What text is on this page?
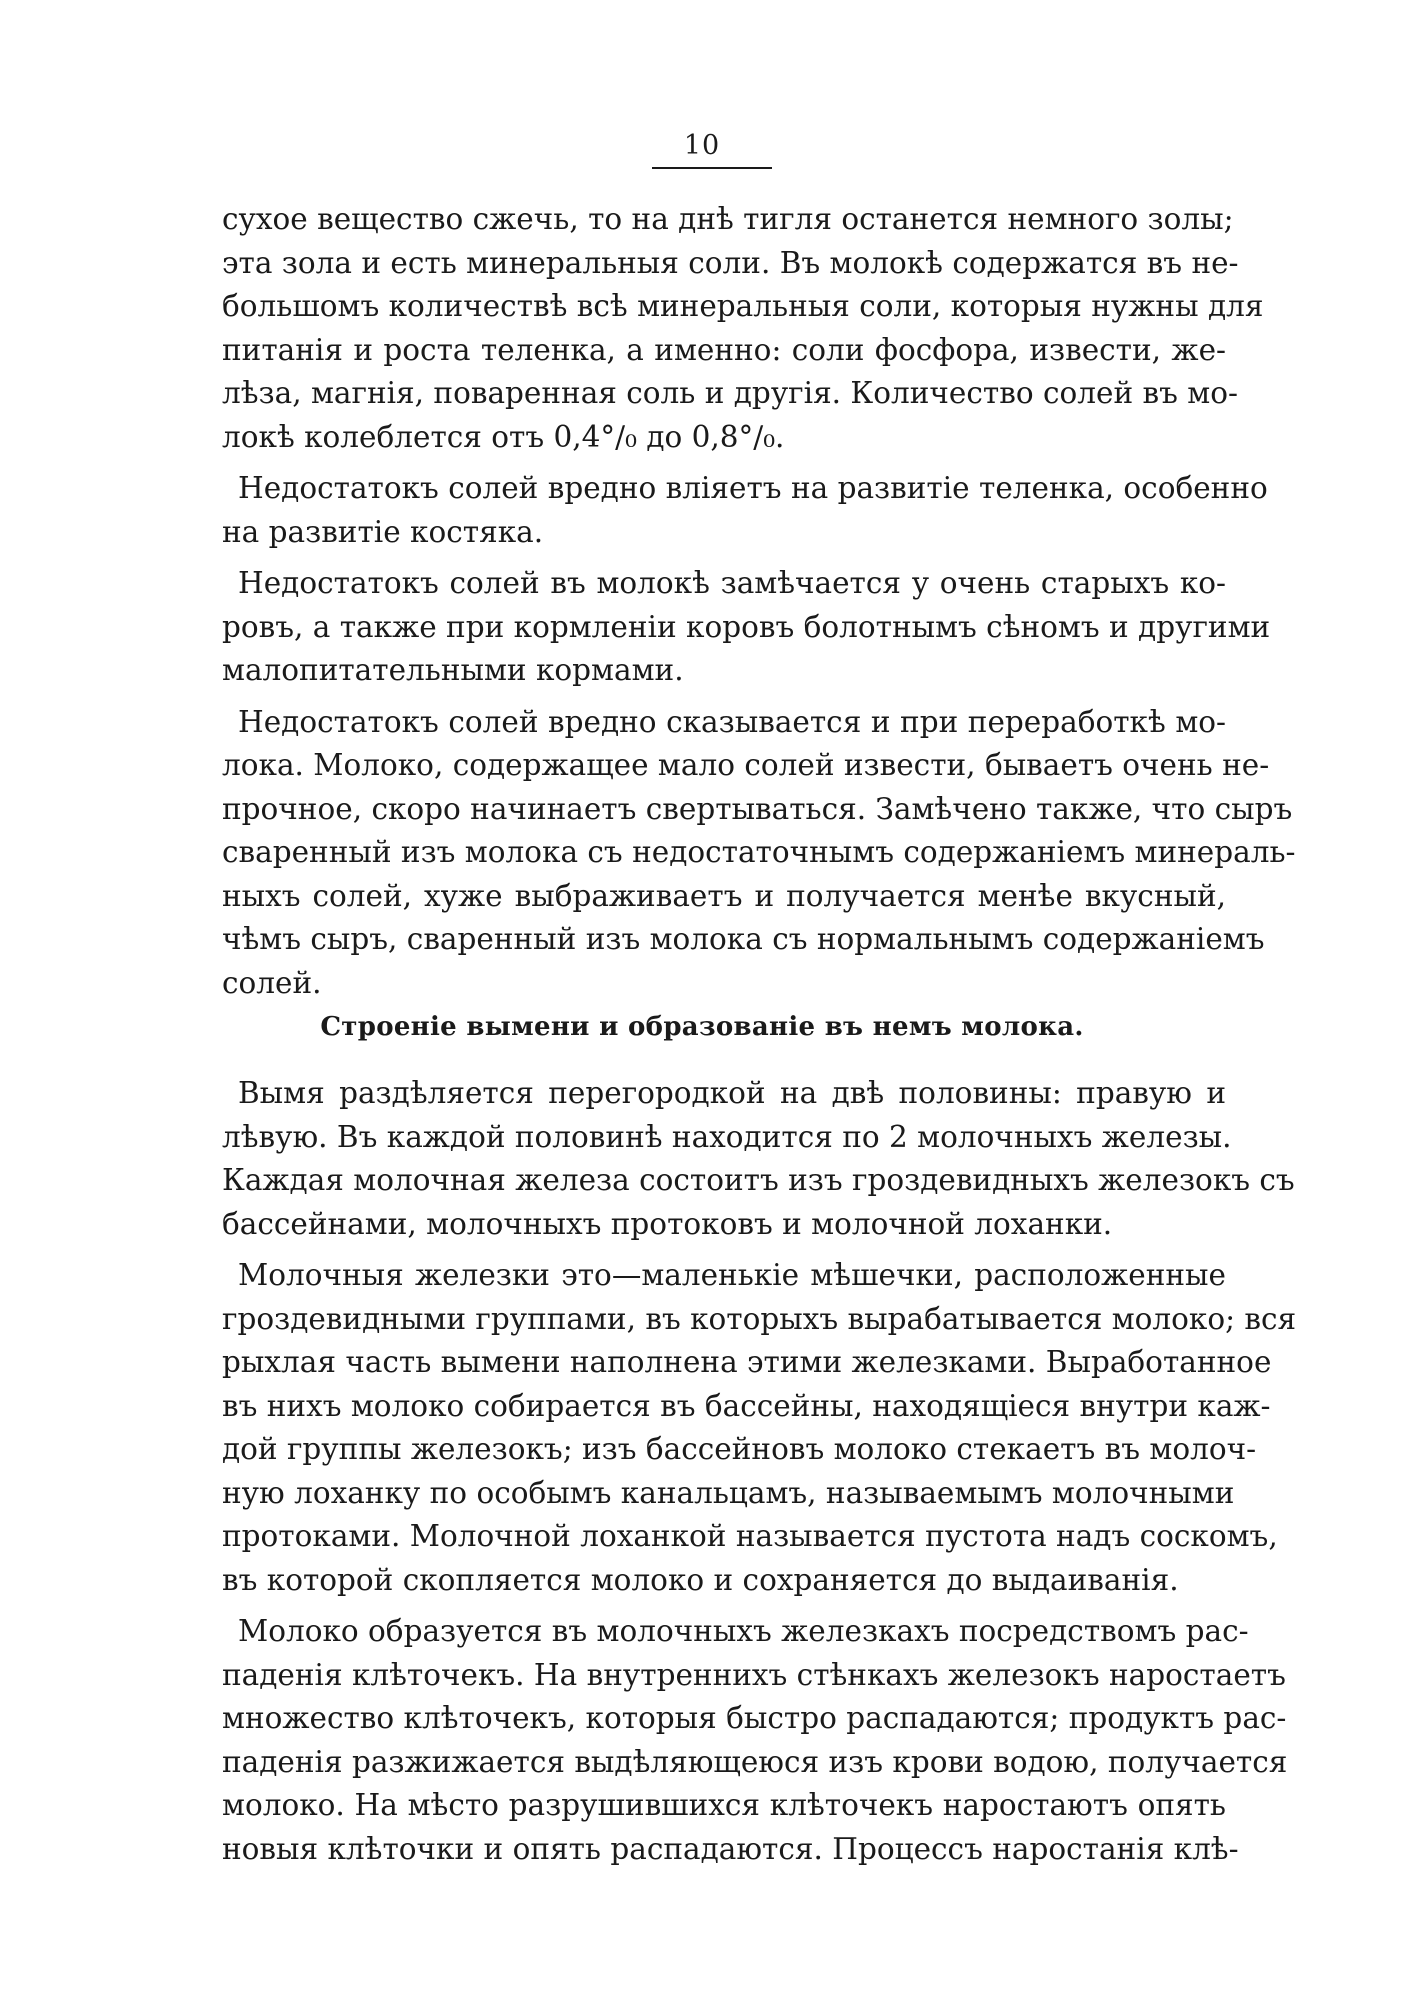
10
сухое вещество сжечь, то на днѣ тигля останется немного золы;
эта зола и есть минеральныя соли. Въ молокѣ содержатся въ не-
большомъ количествѣ всѣ минеральныя соли, которыя нужны для
питанія и роста теленка, а именно: соли фосфора, извести, же-
лѣза, магнія, поваренная соль и другія. Количество солей въ мо-
локѣ колеблется отъ 0,4°/₀ до 0,8°/₀.
Недостатокъ солей вредно вліяетъ на развитіе теленка, особенно
на развитіе костяка.
Недостатокъ солей въ молокѣ замѣчается у очень старыхъ ко-
ровъ, а также при кормленіи коровъ болотнымъ сѣномъ и другими
малопитательными кормами.
Недостатокъ солей вредно сказывается и при переработкѣ мо-
лока. Молоко, содержащее мало солей извести, бываетъ очень не-
прочное, скоро начинаетъ свертываться. Замѣчено также, что сыръ
сваренный изъ молока съ недостаточнымъ содержаніемъ минераль-
ныхъ солей, хуже выбраживаетъ и получается менѣе вкусный,
чѣмъ сыръ, сваренный изъ молока съ нормальнымъ содержаніемъ
солей.
Строеніе вымени и образованіе въ немъ молока.
Вымя раздѣляется перегородкой на двѣ половины: правую и
лѣвую. Въ каждой половинѣ находится по 2 молочныхъ железы.
Каждая молочная железа состоитъ изъ гроздевидныхъ железокъ съ
бассейнами, молочныхъ протоковъ и молочной лоханки.
Молочныя железки это—маленькіе мѣшечки, расположенные
гроздевидными группами, въ которыхъ вырабатывается молоко; вся
рыхлая часть вымени наполнена этими железками. Выработанное
въ нихъ молоко собирается въ бассейны, находящіеся внутри каж-
дой группы железокъ; изъ бассейновъ молоко стекаетъ въ молоч-
ную лоханку по особымъ канальцамъ, называемымъ молочными
протоками. Молочной лоханкой называется пустота надъ соскомъ,
въ которой скопляется молоко и сохраняется до выдаиванія.
Молоко образуется въ молочныхъ железкахъ посредствомъ рас-
паденія клѣточекъ. На внутреннихъ стѣнкахъ железокъ наростаетъ
множество клѣточекъ, которыя быстро распадаются; продуктъ рас-
паденія разжижается выдѣляющеюся изъ крови водою, получается
молоко. На мѣсто разрушившихся клѣточекъ наростаютъ опять
новыя клѣточки и опять распадаются. Процессъ наростанія клѣ-
